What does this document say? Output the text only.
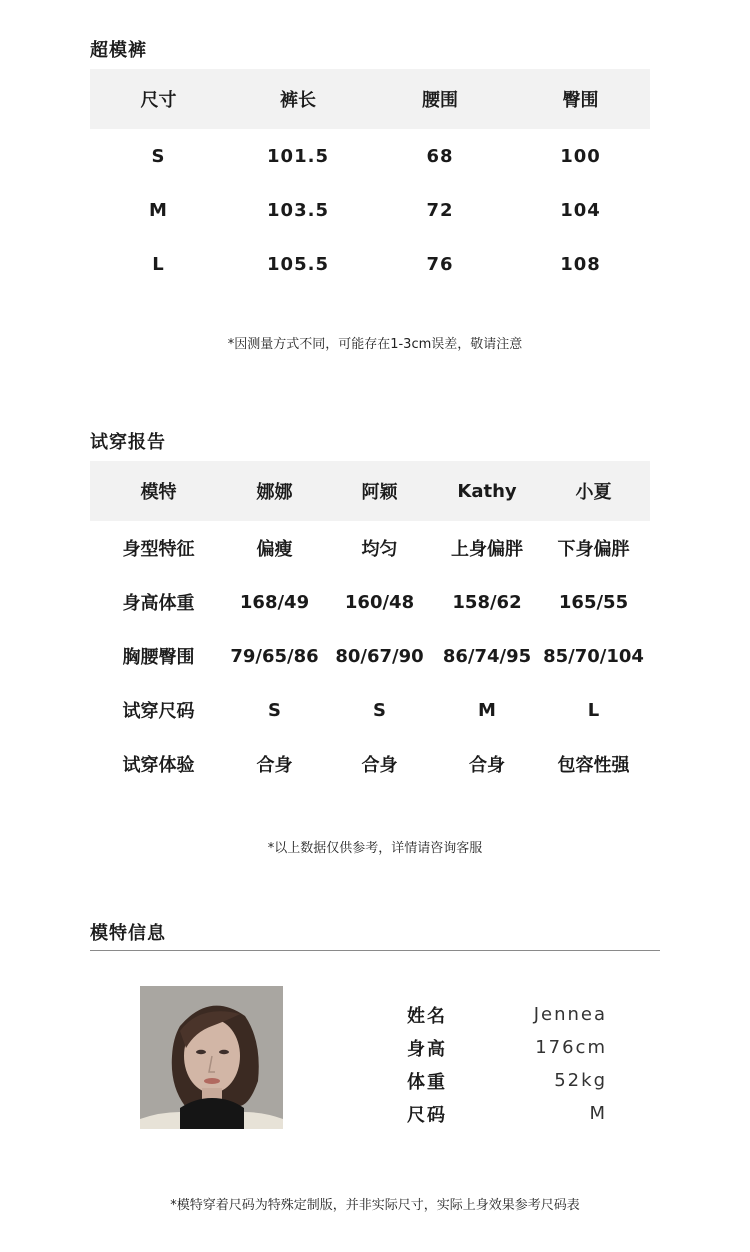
超模裤
尺寸	裤长	腰围	臀围
S	101.5	68	100
M	103.5	72	104
L	105.5	76	108
*因测量方式不同，可能存在1-3cm误差，敬请注意
试穿报告
模特	娜娜	阿颖	Kathy	小夏
身型特征	偏瘦	均匀	上身偏胖	下身偏胖
身高体重	168/49	160/48	158/62	165/55
胸腰臀围	79/65/86	80/67/90	86/74/95	85/70/104
试穿尺码	S	S	M	L
试穿体验	合身	合身	合身	包容性强
*以上数据仅供参考，详情请咨询客服
模特信息
姓名	Jennea
身高	176cm
体重	52kg
尺码	M
*模特穿着尺码为特殊定制版，并非实际尺寸，实际上身效果参考尺码表
